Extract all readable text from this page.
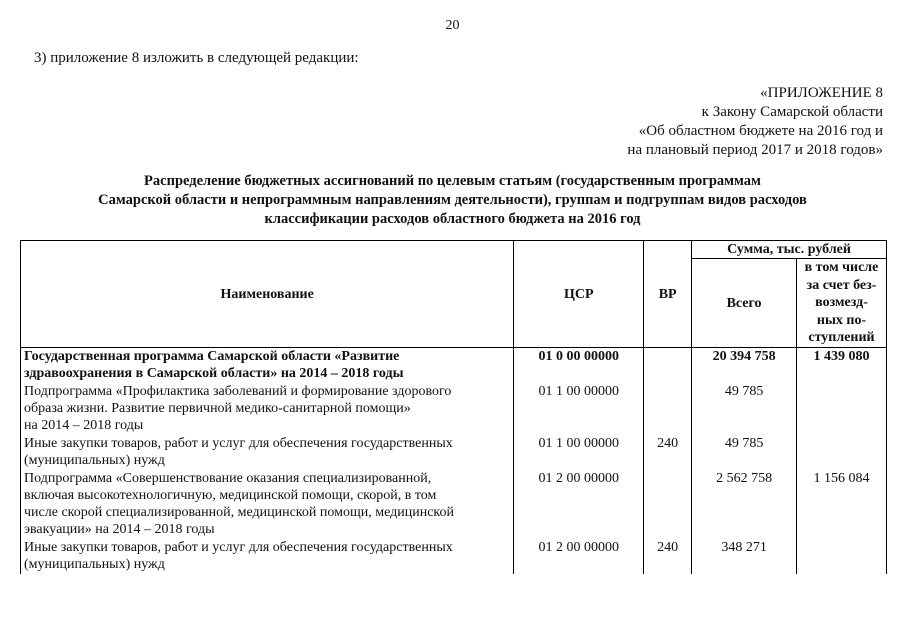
20
3) приложение 8 изложить в следующей редакции:
«ПРИЛОЖЕНИЕ 8
к Закону Самарской области
«Об областном бюджете на 2016 год и
на плановый период 2017 и 2018 годов»
Распределение бюджетных ассигнований по целевым статьям (государственным программам
Самарской области и непрограммным направлениям деятельности), группам и подгруппам видов расходов
классификации расходов областного бюджета на 2016 год
Наименование	ЦСР	ВР	Сумма, тыс. рублей	
			Всего	в том числе
за счет без-
возмезд-
ных по-
ступлений

Государственная программа Самарской области «Развитие
здравоохранения в Самарской области» на 2014 – 2018 годы	01 0 00 00000		20 394 758	1 439 080

Подпрограмма «Профилактика заболеваний и формирование здорового
образа жизни. Развитие первичной медико-санитарной помощи»
на 2014 – 2018 годы	01 1 00 00000		49 785	

Иные закупки товаров, работ и услуг для обеспечения государственных
(муниципальных) нужд	01 1 00 00000	240	49 785	

Подпрограмма «Совершенствование оказания специализированной,
включая высокотехнологичную, медицинской помощи, скорой, в том
числе скорой специализированной, медицинской помощи, медицинской
эвакуации» на 2014 – 2018 годы	01 2 00 00000		2 562 758	1 156 084

Иные закупки товаров, работ и услуг для обеспечения государственных
(муниципальных) нужд	01 2 00 00000	240	348 271	
